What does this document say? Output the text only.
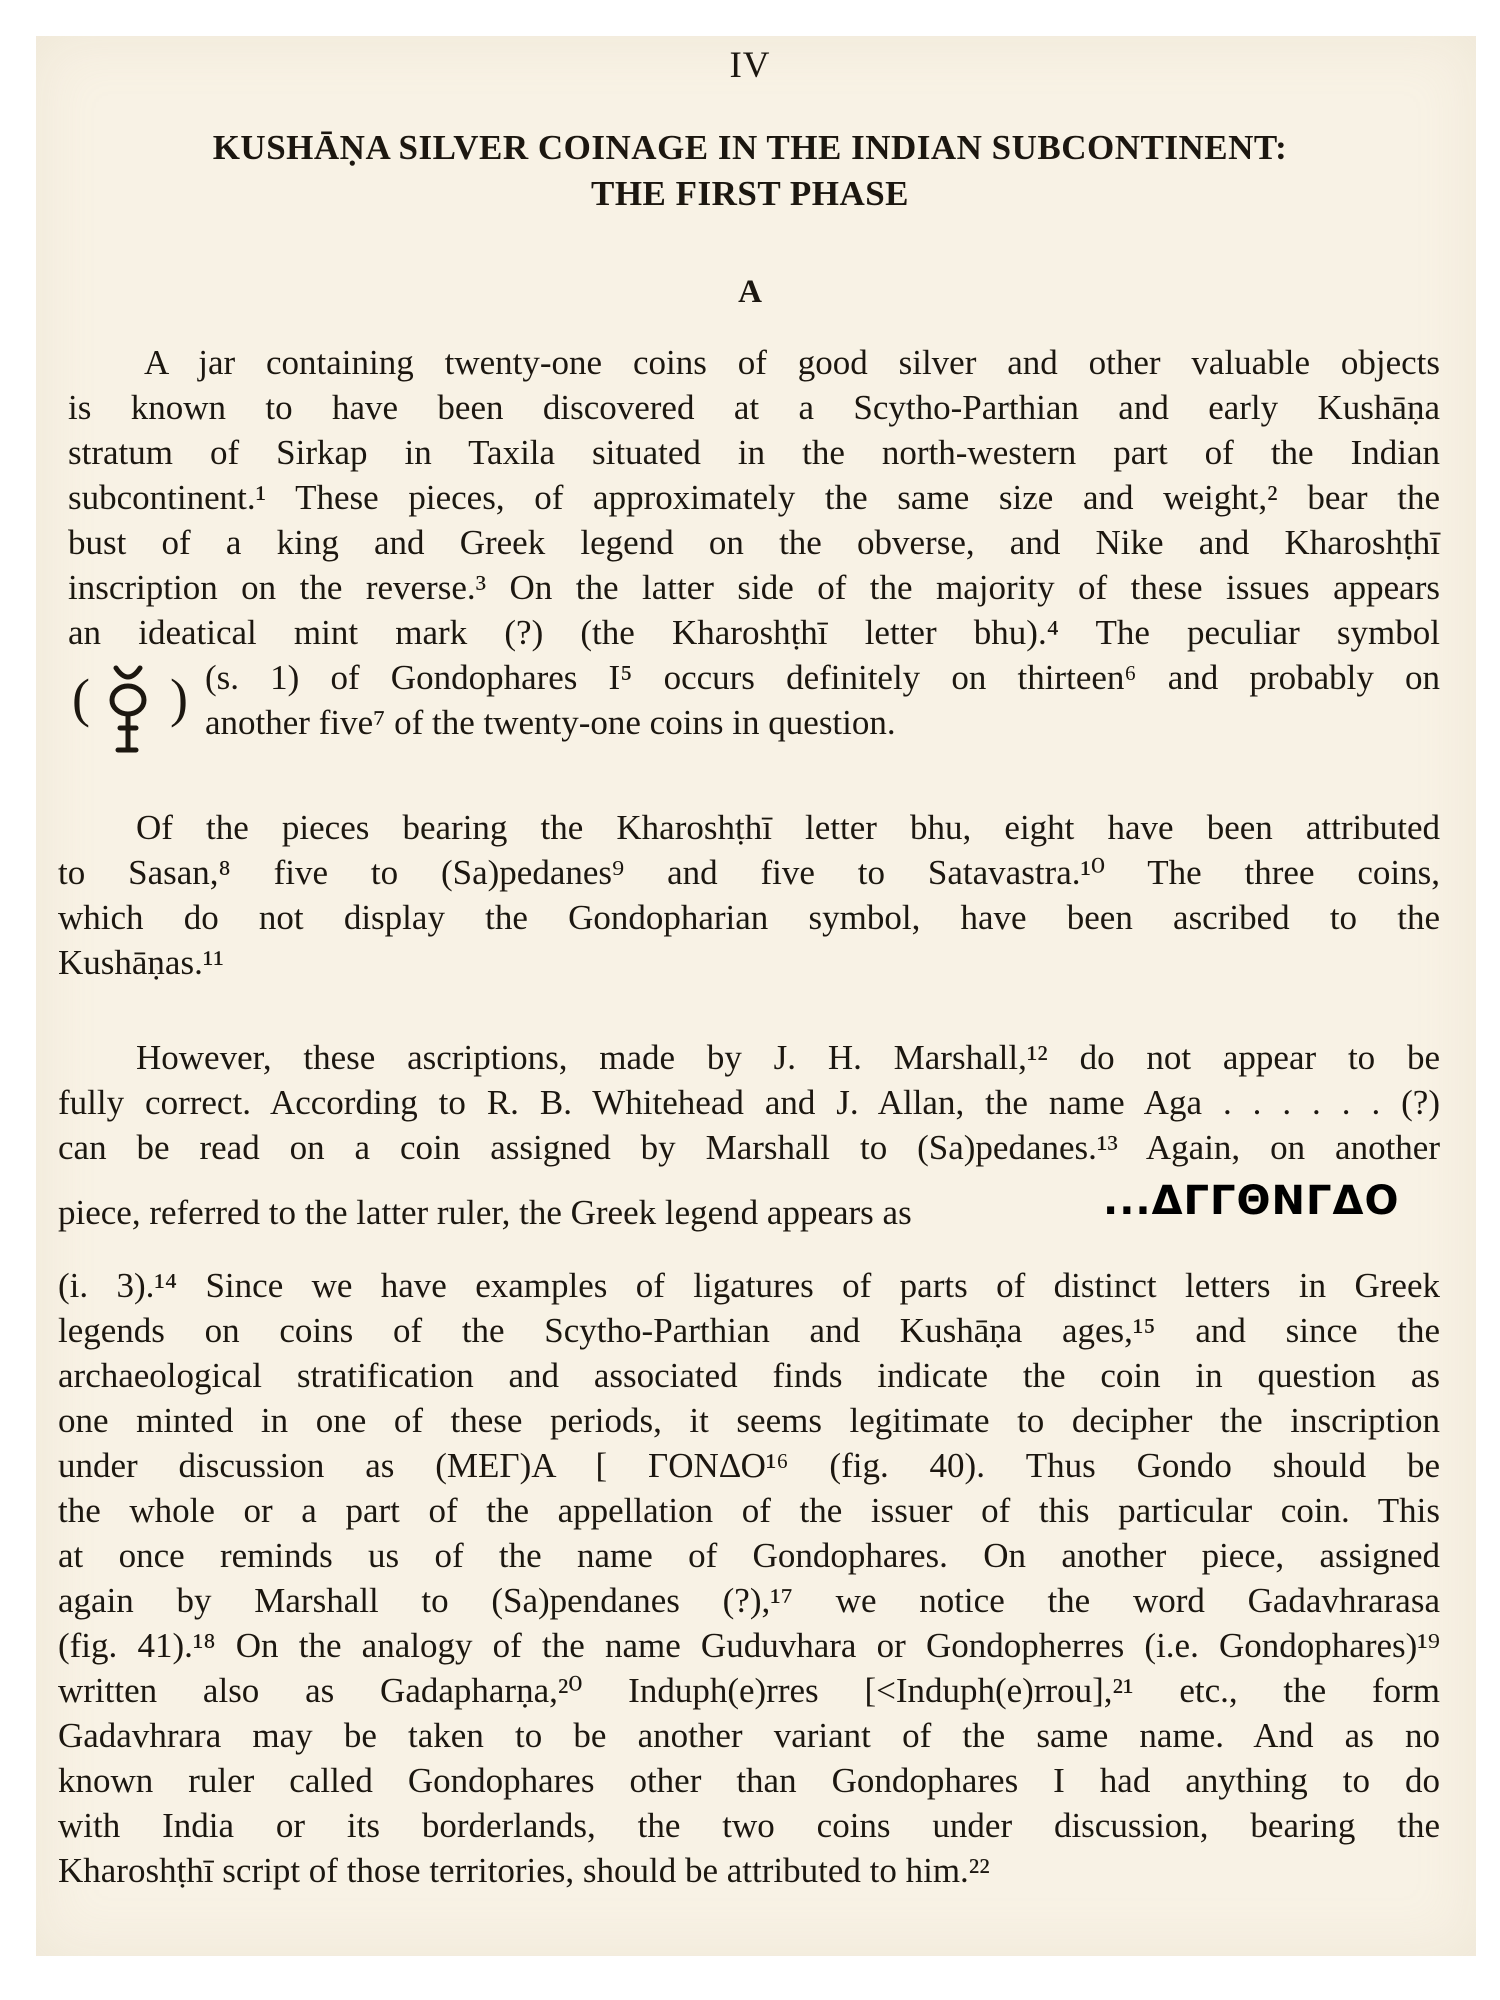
IV
KUSHĀṆA SILVER COINAGE IN THE INDIAN SUBCONTINENT:
THE FIRST PHASE
A
A jar containing twenty-one coins of good silver and other valuable objects
is known to have been discovered at a Scytho-Parthian and early Kushāṇa
stratum of Sirkap in Taxila situated in the north-western part of the Indian
subcontinent.¹ These pieces, of approximately the same size and weight,² bear the
bust of a king and Greek legend on the obverse, and Nike and Kharoshṭhī
inscription on the reverse.³ On the latter side of the majority of these issues appears
an ideatical mint mark (?) (the Kharoshṭhī letter bhu).⁴ The peculiar symbol
( ) (s. 1) of Gondophares I⁵ occurs definitely on thirteen⁶ and probably on
another five⁷ of the twenty-one coins in question.
Of the pieces bearing the Kharoshṭhī letter bhu, eight have been attributed
to Sasan,⁸ five to (Sa)pedanes⁹ and five to Satavastra.¹⁰ The three coins,
which do not display the Gondopharian symbol, have been ascribed to the
Kushāṇas.¹¹
However, these ascriptions, made by J. H. Marshall,¹² do not appear to be
fully correct. According to R. B. Whitehead and J. Allan, the name Aga . . . . . . (?)
can be read on a coin assigned by Marshall to (Sa)pedanes.¹³ Again, on another
piece, referred to the latter ruler, the Greek legend appears as	...ΔΓΓΘΝΓΔΟ
(i. 3).¹⁴ Since we have examples of ligatures of parts of distinct letters in Greek
legends on coins of the Scytho-Parthian and Kushāṇa ages,¹⁵ and since the
archaeological stratification and associated finds indicate the coin in question as
one minted in one of these periods, it seems legitimate to decipher the inscription
under discussion as (ΜΕΓ)Α [ ΓΟΝΔΟ¹⁶ (fig. 40). Thus Gondo should be
the whole or a part of the appellation of the issuer of this particular coin. This
at once reminds us of the name of Gondophares. On another piece, assigned
again by Marshall to (Sa)pendanes (?),¹⁷ we notice the word Gadavhrarasa
(fig. 41).¹⁸ On the analogy of the name Guduvhara or Gondopherres (i.e. Gondophares)¹⁹
written also as Gadapharṇa,²⁰ Induph(e)rres [<Induph(e)rrou],²¹ etc., the form
Gadavhrara may be taken to be another variant of the same name. And as no
known ruler called Gondophares other than Gondophares I had anything to do
with India or its borderlands, the two coins under discussion, bearing the
Kharoshṭhī script of those territories, should be attributed to him.²²
